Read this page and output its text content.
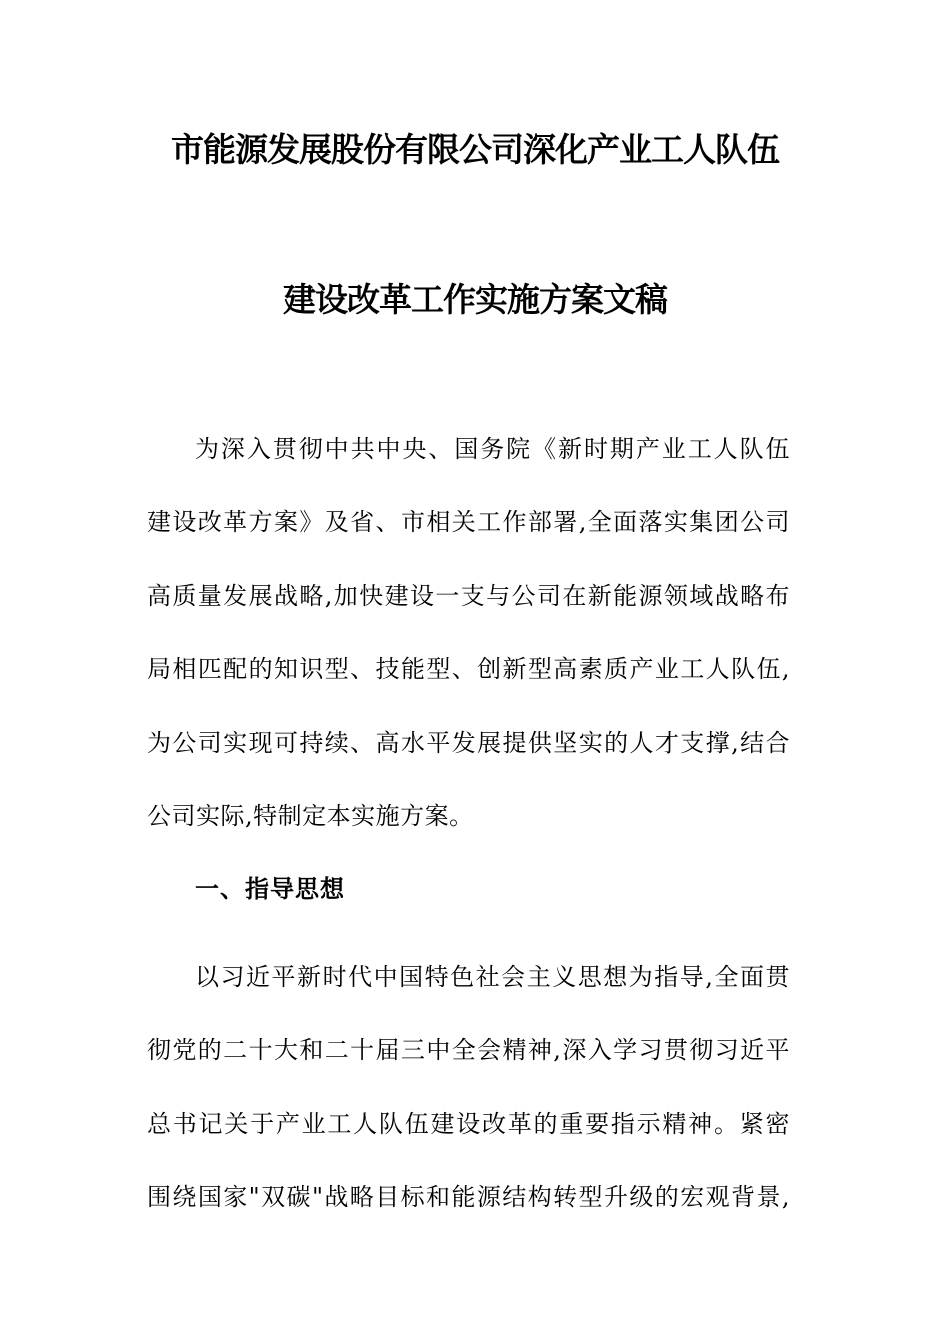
市能源发展股份有限公司深化产业工人队伍
建设改革工作实施方案文稿
为深入贯彻中共中央、国务院《新时期产业工人队伍
建设改革方案》及省、市相关工作部署,全面落实集团公司
高质量发展战略,加快建设一支与公司在新能源领域战略布
局相匹配的知识型、技能型、创新型高素质产业工人队伍,
为公司实现可持续、高水平发展提供坚实的人才支撑,结合
公司实际,特制定本实施方案。
一、指导思想
以习近平新时代中国特色社会主义思想为指导,全面贯
彻党的二十大和二十届三中全会精神,深入学习贯彻习近平
总书记关于产业工人队伍建设改革的重要指示精神。紧密
围绕国家"双碳"战略目标和能源结构转型升级的宏观背景,
